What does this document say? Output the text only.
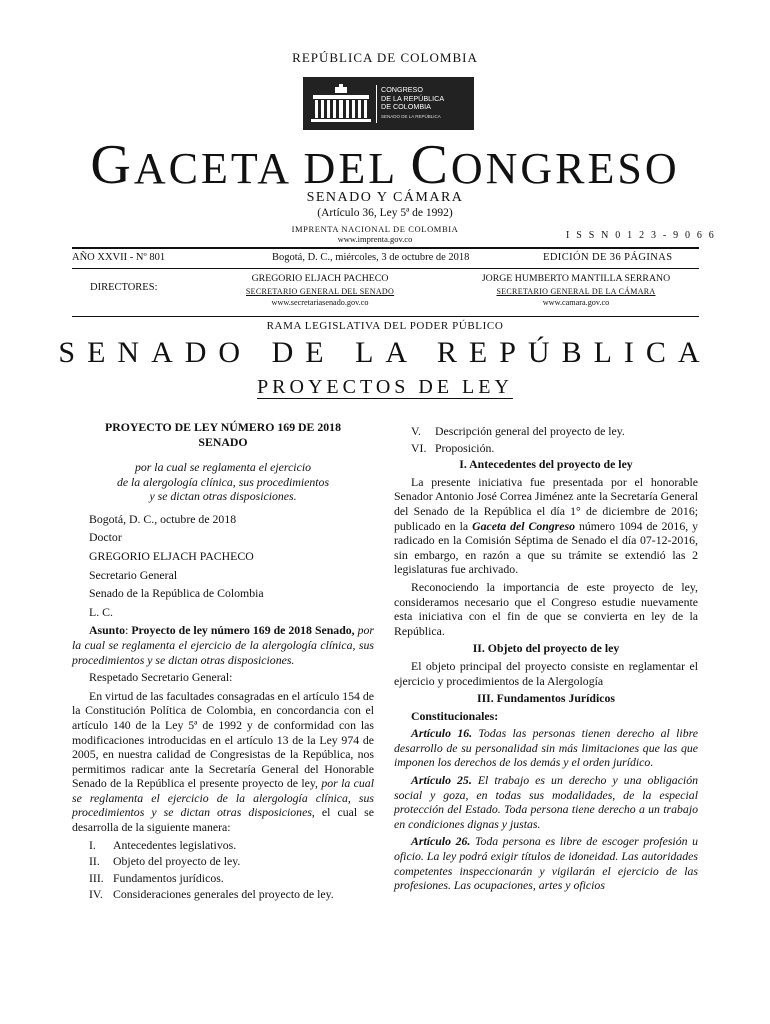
REPÚBLICA DE COLOMBIA
CONGRESO
DE LA REPÚBLICA
DE COLOMBIA
SENADO DE LA REPÚBLICA
GACETA DEL CONGRESO
SENADO Y CÁMARA
(Artículo 36, Ley 5ª de 1992)
IMPRENTA NACIONAL DE COLOMBIA
www.imprenta.gov.co	I S S N 0 1 2 3 - 9 0 6 6
AÑO XXVII - Nº 801	Bogotá, D. C., miércoles, 3 de octubre de 2018	EDICIÓN DE 36 PÁGINAS
DIRECTORES:
GREGORIO ELJACH PACHECO
SECRETARIO GENERAL DEL SENADO
www.secretariasenado.gov.co
JORGE HUMBERTO MANTILLA SERRANO
SECRETARIO GENERAL DE LA CÁMARA
www.camara.gov.co
RAMA LEGISLATIVA DEL PODER PÚBLICO
SENADO DE LA REPÚBLICA
PROYECTOS DE LEY
PROYECTO DE LEY NÚMERO 169 DE 2018
SENADO
por la cual se reglamenta el ejercicio
de la alergología clínica, sus procedimientos
y se dictan otras disposiciones.

Bogotá, D. C., octubre de 2018

Doctor

GREGORIO ELJACH PACHECO

Secretario General

Senado de la República de Colombia

L. C.

Asunto: Proyecto de ley número 169 de 2018 Senado, por la cual se reglamenta el ejercicio de la alergología clínica, sus procedimientos y se dictan otras disposiciones.

Respetado Secretario General:

En virtud de las facultades consagradas en el artículo 154 de la Constitución Política de Colombia, en concordancia con el artículo 140 de la Ley 5ª de 1992 y de conformidad con las modificaciones introducidas en el artículo 13 de la Ley 974 de 2005, en nuestra calidad de Congresistas de la República, nos permitimos radicar ante la Secretaría General del Honorable Senado de la República el presente proyecto de ley, por la cual se reglamenta el ejercicio de la alergología clínica, sus procedimientos y se dictan otras disposiciones, el cual se desarrolla de la siguiente manera:

I.	Antecedentes legislativos.
II.	Objeto del proyecto de ley.
III. Fundamentos jurídicos.
IV. Consideraciones generales del proyecto de ley.
V.	Descripción general del proyecto de ley.
VI. Proposición.
I. Antecedentes del proyecto de ley

La presente iniciativa fue presentada por el honorable Senador Antonio José Correa Jiménez ante la Secretaría General del Senado de la República el día 1° de diciembre de 2016; publicado en la Gaceta del Congreso número 1094 de 2016, y radicado en la Comisión Séptima de Senado el día 07-12-2016, sin embargo, en razón a que su trámite se extendió las 2 legislaturas fue archivado.

Reconociendo la importancia de este proyecto de ley, consideramos necesario que el Congreso estudie nuevamente esta iniciativa con el fin de que se convierta en ley de la República.

II. Objeto del proyecto de ley

El objeto principal del proyecto consiste en reglamentar el ejercicio y procedimientos de la Alergología

III. Fundamentos Jurídicos

Constitucionales:

Artículo 16. Todas las personas tienen derecho al libre desarrollo de su personalidad sin más limitaciones que las que imponen los derechos de los demás y el orden jurídico.

Artículo 25. El trabajo es un derecho y una obligación social y goza, en todas sus modalidades, de la especial protección del Estado. Toda persona tiene derecho a un trabajo en condiciones dignas y justas.

Artículo 26. Toda persona es libre de escoger profesión u oficio. La ley podrá exigir títulos de idoneidad. Las autoridades competentes inspeccionarán y vigilarán el ejercicio de las profesiones. Las ocupaciones, artes y oficios
